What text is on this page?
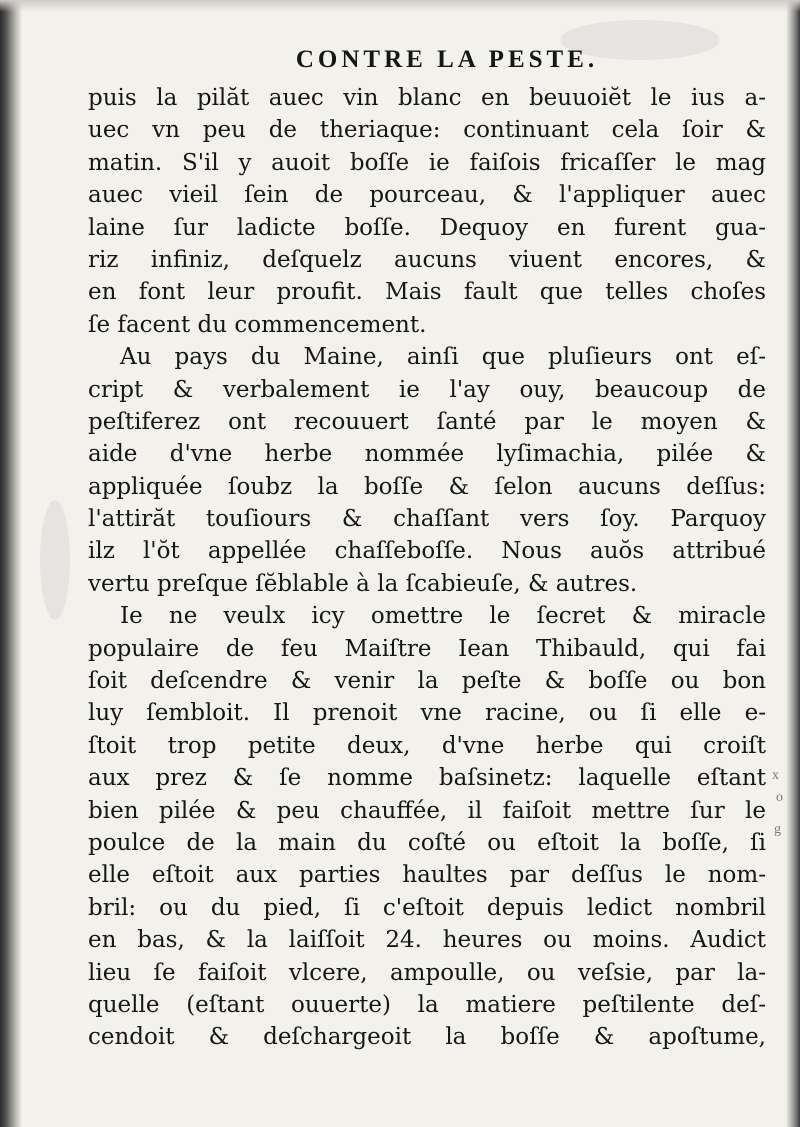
CONTRE LA PESTE.
puis la pilăt auec vin blanc en beuuoiĕt le ius a-
uec vn peu de theriaque: continuant cela ſoir &
matin. S'il y auoit boſſe ie faiſois fricaſſer le mag
auec vieil ſein de pourceau, & l'appliquer auec
laine ſur ladicte boſſe. Dequoy en furent gua-
riz infiniz, deſquelz aucuns viuent encores, &
en font leur proufit. Mais fault que telles choſes
ſe facent du commencement.
Au pays du Maine, ainſi que pluſieurs ont eſ-
cript & verbalement ie l'ay ouy, beaucoup de
peſtiferez ont recouuert ſanté par le moyen &
aide d'vne herbe nommée lyſimachia, pilée &
appliquée ſoubz la boſſe & ſelon aucuns deſſus:
l'attirăt touſiours & chaſſant vers ſoy. Parquoy
ilz l'ŏt appellée chaſſeboſſe. Nous auŏs attribué
vertu preſque ſĕblable à la ſcabieuſe, & autres.
Ie ne veulx icy omettre le ſecret & miracle
populaire de feu Maiſtre Iean Thibauld, qui fai
ſoit deſcendre & venir la peſte & boſſe ou bon
luy ſembloit. Il prenoit vne racine, ou ſi elle e-
ſtoit trop petite deux, d'vne herbe qui croiſt
aux prez & ſe nomme baſsinetz: laquelle eſtant
bien pilée & peu chauffée, il faiſoit mettre ſur le
poulce de la main du coſté ou eſtoit la boſſe, ſi
elle eſtoit aux parties haultes par deſſus le nom-
bril: ou du pied, ſi c'eſtoit depuis ledict nombril
en bas, & la laiſſoit 24. heures ou moins. Audict
lieu ſe faiſoit vlcere, ampoulle, ou veſsie, par la-
quelle (eſtant ouuerte) la matiere peſtilente deſ-
cendoit & deſchargeoit la boſſe & apoſtume,
x
o
g
